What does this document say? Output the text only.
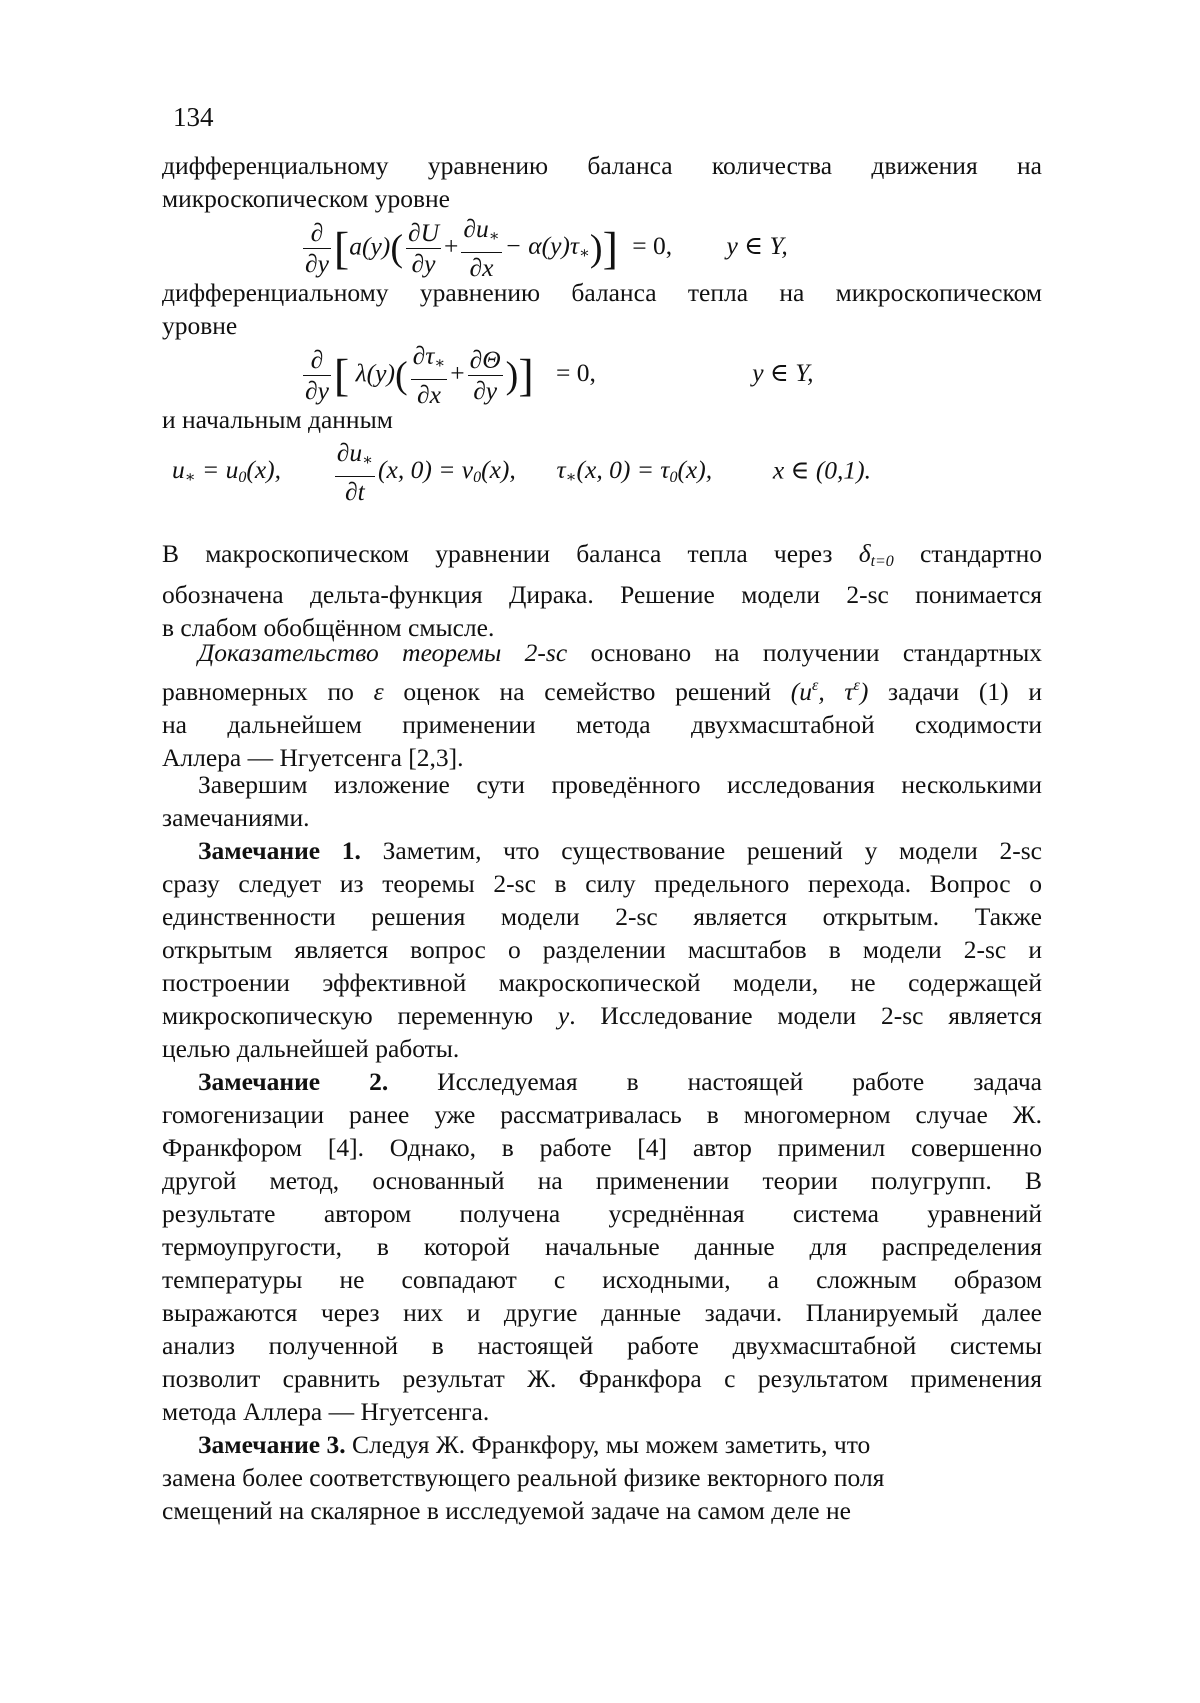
134
дифференциальному уравнению баланса количества движения на
микроскопическом уровне
∂
∂y [a(y)( ∂U
∂y
+
∂u∗
∂x
− α(y)τ∗)] = 0, y ∈ Y,
дифференциальному уравнению баланса тепла на микроскопическом
уровне
∂
∂y [ λ(y)( ∂τ∗
∂x
+ ∂Θ
∂y )] = 0,	y ∈ Y,
и начальным данным
u∗ = u0(x),
∂u∗
∂t
(x, 0) = v0(x), τ∗(x, 0) = τ0(x), x ∈ (0,1).
В макроскопическом уравнении баланса тепла через δt=0 стандартно
обозначена дельта-функция Дирака. Решение модели 2-sc понимается
в слабом обобщённом смысле.
Доказательство теоремы 2-sc основано на получении стандартных
равномерных по ε оценок на семейство решений (uε, τε) задачи (1) и
на дальнейшем применении метода двухмасштабной сходимости
Аллера — Нгуетсенга [2,3].
Завершим изложение сути проведённого исследования несколькими
замечаниями.
Замечание 1. Заметим, что существование решений у модели 2-sc
сразу следует из теоремы 2-sc в силу предельного перехода. Вопрос о
единственности решения модели 2-sc является открытым. Также
открытым является вопрос о разделении масштабов в модели 2-sc и
построении эффективной макроскопической модели, не содержащей
микроскопическую переменную y. Исследование модели 2-sc является
целью дальнейшей работы.
Замечание 2. Исследуемая в настоящей работе задача
гомогенизации ранее уже рассматривалась в многомерном случае Ж.
Франкфором [4]. Однако, в работе [4] автор применил совершенно
другой метод, основанный на применении теории полугрупп. В
результате автором получена усреднённая система уравнений
термоупругости, в которой начальные данные для распределения
температуры не совпадают с исходными, а сложным образом
выражаются через них и другие данные задачи. Планируемый далее
анализ полученной в настоящей работе двухмасштабной системы
позволит сравнить результат Ж. Франкфора с результатом применения
метода Аллера — Нгуетсенга.
Замечание 3. Следуя Ж. Франкфору, мы можем заметить, что
замена более соответствующего реальной физике векторного поля
смещений на скалярное в исследуемой задаче на самом деле не
